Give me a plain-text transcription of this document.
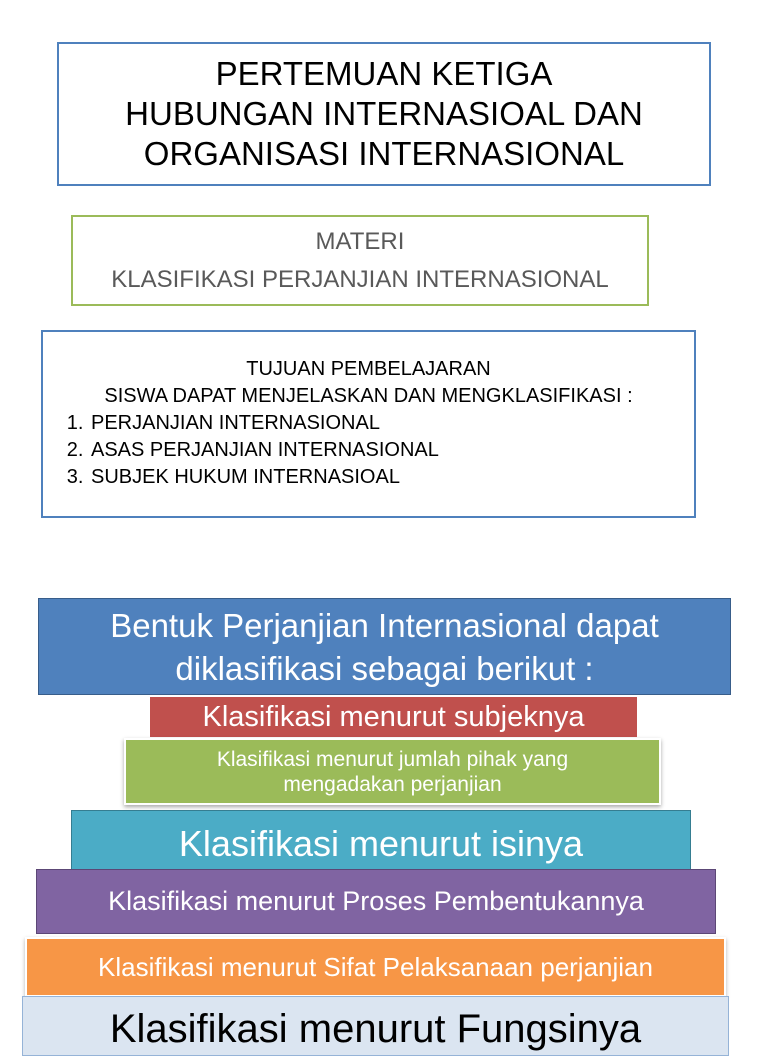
PERTEMUAN KETIGA
HUBUNGAN INTERNASIOAL DAN
ORGANISASI INTERNASIONAL
MATERI
KLASIFIKASI PERJANJIAN INTERNASIONAL
TUJUAN PEMBELAJARAN
SISWA DAPAT MENJELASKAN DAN MENGKLASIFIKASI :
1. PERJANJIAN INTERNASIONAL
2. ASAS PERJANJIAN INTERNASIONAL
3. SUBJEK HUKUM INTERNASIOAL
Bentuk Perjanjian Internasional dapat
diklasifikasi sebagai berikut :
Klasifikasi menurut subjeknya
Klasifikasi menurut jumlah pihak yang
mengadakan perjanjian
Klasifikasi menurut isinya
Klasifikasi menurut Proses Pembentukannya
Klasifikasi menurut Sifat Pelaksanaan perjanjian
Klasifikasi menurut Fungsinya
